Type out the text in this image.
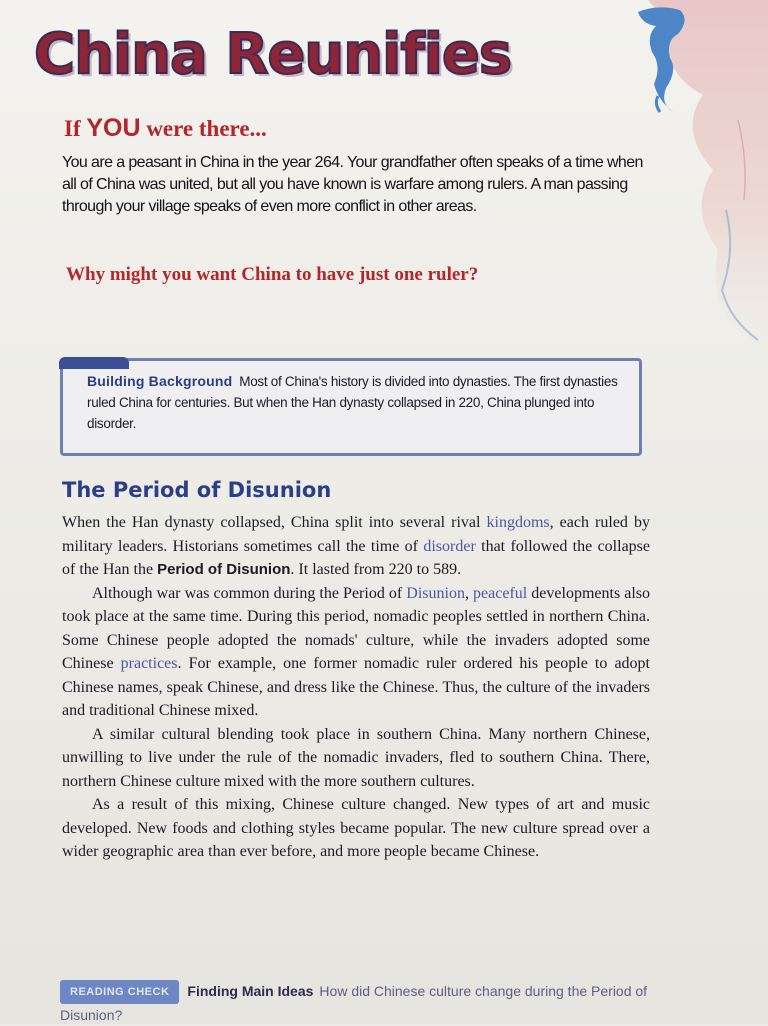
China Reunifies
If YOU were there...
You are a peasant in China in the year 264. Your grandfather often speaks of a time when all of China was united, but all you have known is warfare among rulers. A man passing through your village speaks of even more conflict in other areas.
Why might you want China to have just one ruler?
Building Background Most of China's history is divided into dynasties. The first dynasties ruled China for centuries. But when the Han dynasty collapsed in 220, China plunged into disorder.
The Period of Disunion

When the Han dynasty collapsed, China split into several rival kingdoms, each ruled by military leaders. Historians sometimes call the time of disorder that followed the collapse of the Han the Period of Disunion. It lasted from 220 to 589.

Although war was common during the Period of Disunion, peaceful developments also took place at the same time. During this period, nomadic peoples settled in northern China. Some Chinese people adopted the nomads' culture, while the invaders adopted some Chinese practices. For example, one former nomadic ruler ordered his people to adopt Chinese names, speak Chinese, and dress like the Chinese. Thus, the culture of the invaders and traditional Chinese mixed.

A similar cultural blending took place in southern China. Many northern Chinese, unwilling to live under the rule of the nomadic invaders, fled to southern China. There, northern Chinese culture mixed with the more southern cultures.

As a result of this mixing, Chinese culture changed. New types of art and music developed. New foods and clothing styles became popular. The new culture spread over a wider geographic area than ever before, and more people became Chinese.

READING CHECK Finding Main Ideas How did Chinese culture change during the Period of Disunion?
